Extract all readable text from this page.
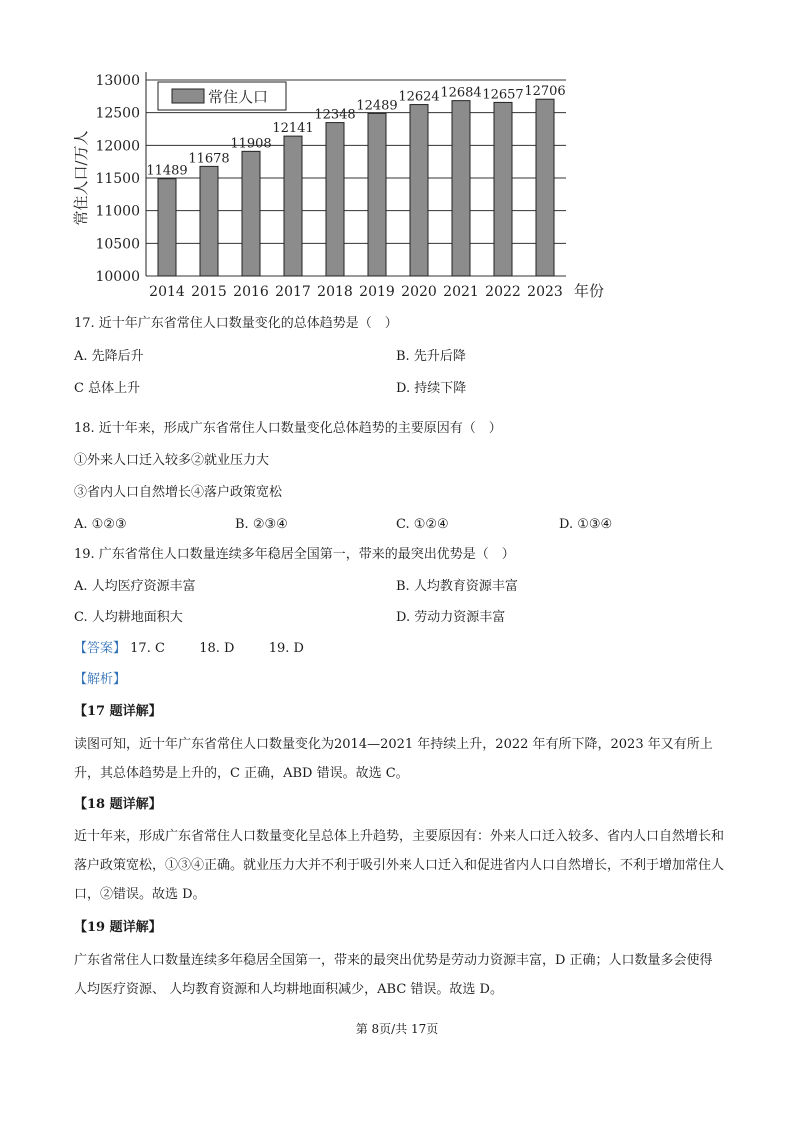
10000
10500
11000
11500
12000
12500
13000
常住人口/万人	11489
2014
11678
2015
11908
2016
12141
2017
12348
2018
12489
2019
12624
2020
12684
2021
12657
2022
12706
2023 年份
常住人口
17. 近十年广东省常住人口数量变化的总体趋势是（　）
A. 先降后升	B. 先升后降
C 总体上升	D. 持续下降
18. 近十年来，形成广东省常住人口数量变化总体趋势的主要原因有（　）
①外来人口迁入较多②就业压力大
③省内人口自然增长④落户政策宽松
A. ①②③	B. ②③④	C. ①②④	D. ①③④
19. 广东省常住人口数量连续多年稳居全国第一，带来的最突出优势是（　）
A. 人均医疗资源丰富	B. 人均教育资源丰富
C. 人均耕地面积大	D. 劳动力资源丰富
【答案】 17. C	18. D	19. D
【解析】
【17 题详解】
读图可知，近十年广东省常住人口数量变化为2014—2021 年持续上升，2022 年有所下降，2023 年又有所上升，其总体趋势是上升的，C 正确，ABD 错误。故选 C。
【18 题详解】
近十年来，形成广东省常住人口数量变化呈总体上升趋势，主要原因有：外来人口迁入较多、省内人口自然增长和落户政策宽松，①③④正确。就业压力大并不利于吸引外来人口迁入和促进省内人口自然增长，不利于增加常住人口，②错误。故选 D。
【19 题详解】
广东省常住人口数量连续多年稳居全国第一，带来的最突出优势是劳动力资源丰富，D 正确；人口数量多会使得人均医疗资源、 人均教育资源和人均耕地面积减少，ABC 错误。故选 D。
第 8页/共 17页
